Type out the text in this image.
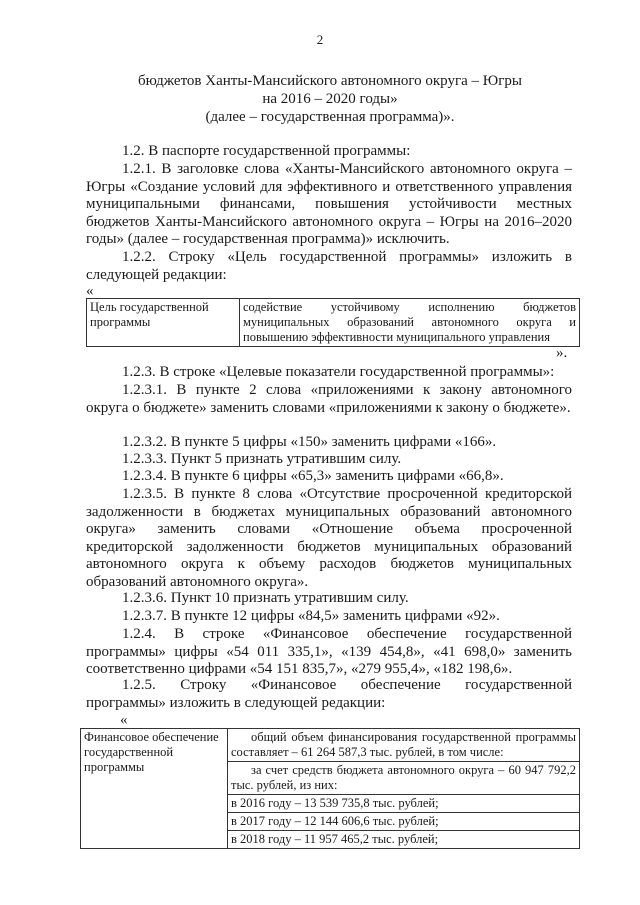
2
бюджетов Ханты-Мансийского автономного округа – Югры
на 2016 – 2020 годы»
(далее – государственная программа)».
1.2. В паспорте государственной программы:
1.2.1. В заголовке слова «Ханты-Мансийского автономного округа – Югры «Создание условий для эффективного и ответственного управления муниципальными финансами, повышения устойчивости местных бюджетов Ханты-Мансийского автономного округа – Югры на 2016–2020 годы» (далее – государственная программа)» исключить.
1.2.2. Строку «Цель государственной программы» изложить в следующей редакции:
«
Цель государственной программы	содействие устойчивому исполнению бюджетов муниципальных образований автономного округа и повышению эффективности муниципального управления
».
1.2.3. В строке «Целевые показатели государственной программы»:
1.2.3.1. В пункте 2 слова «приложениями к закону автономного округа о бюджете» заменить словами «приложениями к закону о бюджете».
1.2.3.2. В пункте 5 цифры «150» заменить цифрами «166».
1.2.3.3. Пункт 5 признать утратившим силу.
1.2.3.4. В пункте 6 цифры «65,3» заменить цифрами «66,8».
1.2.3.5. В пункте 8 слова «Отсутствие просроченной кредиторской задолженности в бюджетах муниципальных образований автономного округа» заменить словами «Отношение объема просроченной кредиторской задолженности бюджетов муниципальных образований автономного округа к объему расходов бюджетов муниципальных образований автономного округа».
1.2.3.6. Пункт 10 признать утратившим силу.
1.2.3.7. В пункте 12 цифры «84,5» заменить цифрами «92».
1.2.4. В строке «Финансовое обеспечение государственной программы» цифры «54 011 335,1», «139 454,8», «41 698,0» заменить соответственно цифрами «54 151 835,7», «279 955,4», «182 198,6».
1.2.5. Строку «Финансовое обеспечение государственной программы» изложить в следующей редакции:
«
Финансовое обеспечение государственной программы	общий объем финансирования государственной программы составляет – 61 264 587,3 тыс. рублей, в том числе:
за счет средств бюджета автономного округа – 60 947 792,2 тыс. рублей, из них:
в 2016 году – 13 539 735,8 тыс. рублей;
в 2017 году – 12 144 606,6 тыс. рублей;
в 2018 году – 11 957 465,2 тыс. рублей;
